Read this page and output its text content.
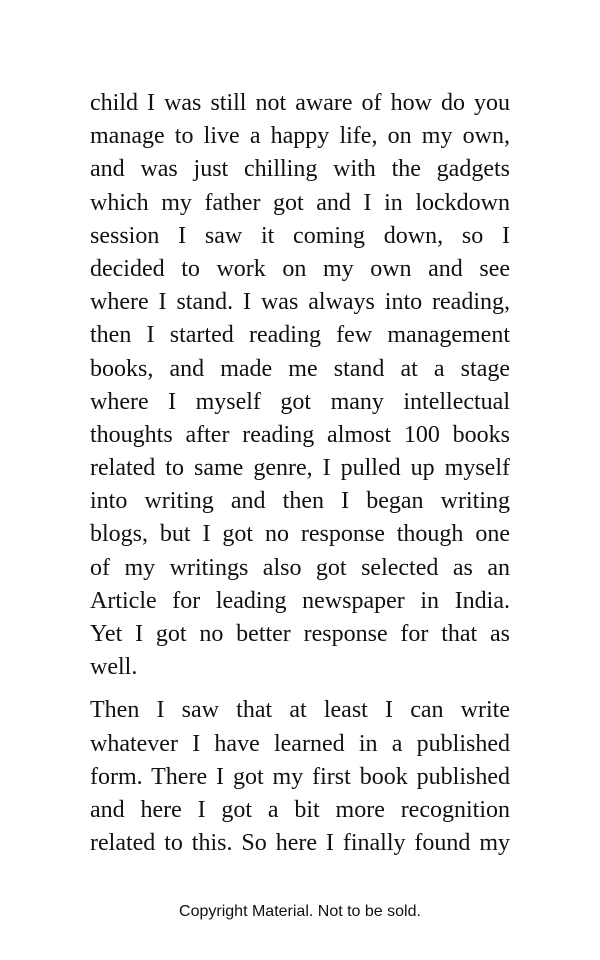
child I was still not aware of how do you
manage to live a happy life, on my own,
and was just chilling with the gadgets
which my father got and I in lockdown
session I saw it coming down, so I
decided to work on my own and see
where I stand. I was always into reading,
then I started reading few management
books, and made me stand at a stage
where I myself got many intellectual
thoughts after reading almost 100 books
related to same genre, I pulled up myself
into writing and then I began writing
blogs, but I got no response though one
of my writings also got selected as an
Article for leading newspaper in India.
Yet I got no better response for that as
well.
Then I saw that at least I can write
whatever I have learned in a published
form. There I got my first book published
and here I got a bit more recognition
related to this. So here I finally found my
Copyright Material. Not to be sold.
